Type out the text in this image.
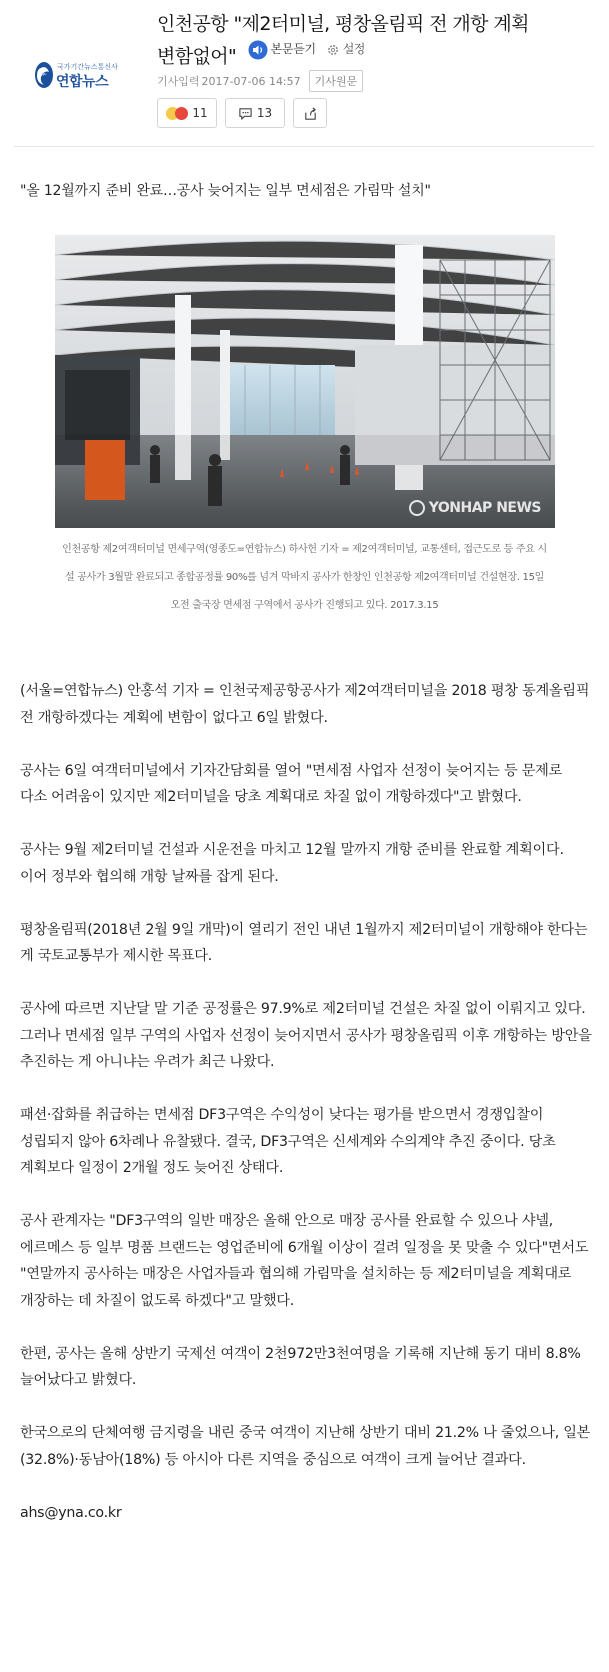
국가기간뉴스통신사
연합뉴스
인천공항 "제2터미널, 평창올림픽 전 개항 계획
변함없어"	본문듣기 설정
기사입력 2017-07-06 14:57	기사원문
11	13
"올 12월까지 준비 완료…공사 늦어지는 일부 면세점은 가림막 설치"
YONHAP NEWS
인천공항 제2여객터미널 면세구역(영종도=연합뉴스) 하사헌 기자 = 제2여객터미널, 교통센터, 접근도로 등 주요 시
설 공사가 3월말 완료되고 종합공정률 90%를 넘겨 막바지 공사가 한창인 인천공항 제2여객터미널 건설현장. 15일
오전 출국장 면세점 구역에서 공사가 진행되고 있다. 2017.3.15

(서울=연합뉴스) 안홍석 기자 = 인천국제공항공사가 제2여객터미널을 2018 평창 동계올림픽 전 개항하겠다는 계획에 변함이 없다고 6일 밝혔다.

공사는 6일 여객터미널에서 기자간담회를 열어 "면세점 사업자 선정이 늦어지는 등 문제로 다소 어려움이 있지만 제2터미널을 당초 계획대로 차질 없이 개항하겠다"고 밝혔다.

공사는 9월 제2터미널 건설과 시운전을 마치고 12월 말까지 개항 준비를 완료할 계획이다. 이어 정부와 협의해 개항 날짜를 잡게 된다.

평창올림픽(2018년 2월 9일 개막)이 열리기 전인 내년 1월까지 제2터미널이 개항해야 한다는 게 국토교통부가 제시한 목표다.

공사에 따르면 지난달 말 기준 공정률은 97.9%로 제2터미널 건설은 차질 없이 이뤄지고 있다. 그러나 면세점 일부 구역의 사업자 선정이 늦어지면서 공사가 평창올림픽 이후 개항하는 방안을 추진하는 게 아니냐는 우려가 최근 나왔다.

패션·잡화를 취급하는 면세점 DF3구역은 수익성이 낮다는 평가를 받으면서 경쟁입찰이 성립되지 않아 6차례나 유찰됐다. 결국, DF3구역은 신세계와 수의계약 추진 중이다. 당초 계획보다 일정이 2개월 정도 늦어진 상태다.

공사 관계자는 "DF3구역의 일반 매장은 올해 안으로 매장 공사를 완료할 수 있으나 샤넬, 에르메스 등 일부 명품 브랜드는 영업준비에 6개월 이상이 걸려 일정을 못 맞출 수 있다"면서도 "연말까지 공사하는 매장은 사업자들과 협의해 가림막을 설치하는 등 제2터미널을 계획대로 개장하는 데 차질이 없도록 하겠다"고 말했다.

한편, 공사는 올해 상반기 국제선 여객이 2천972만3천여명을 기록해 지난해 동기 대비 8.8% 늘어났다고 밝혔다.

한국으로의 단체여행 금지령을 내린 중국 여객이 지난해 상반기 대비 21.2% 나 줄었으나, 일본(32.8%)·동남아(18%) 등 아시아 다른 지역을 중심으로 여객이 크게 늘어난 결과다.

ahs@yna.co.kr
